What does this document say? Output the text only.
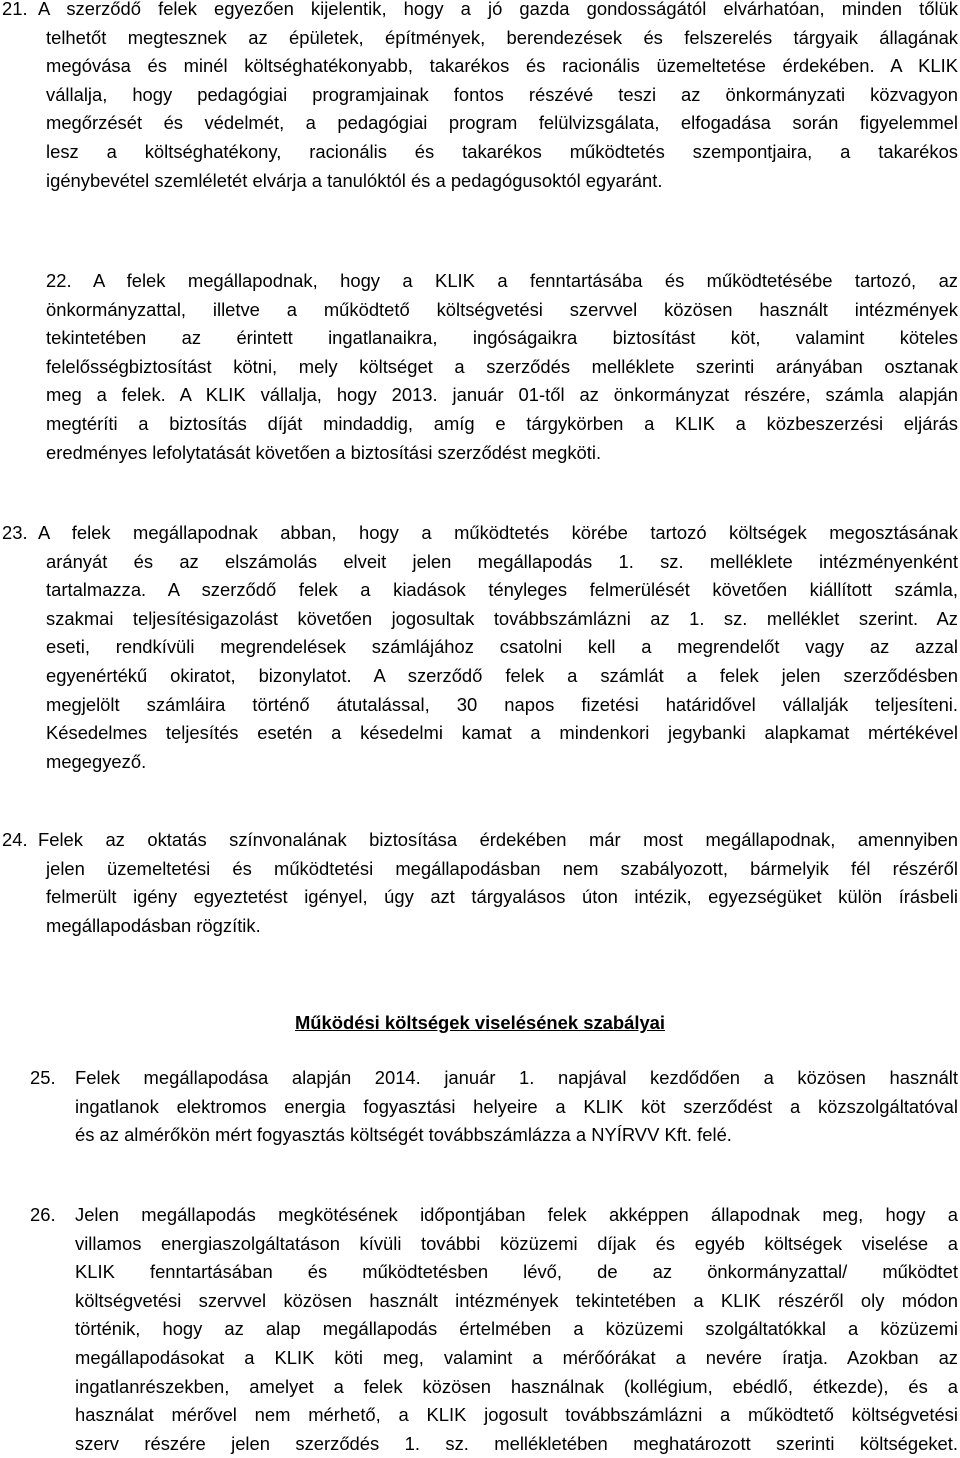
21. A szerződő felek egyezően kijelentik, hogy a jó gazda gondosságától elvárhatóan, minden tőlük
telhetőt megtesznek az épületek, építmények, berendezések és felszerelés tárgyaik állagának
megóvása és minél költséghatékonyabb, takarékos és racionális üzemeltetése érdekében. A KLIK
vállalja, hogy pedagógiai programjainak fontos részévé teszi az önkormányzati közvagyon
megőrzését és védelmét, a pedagógiai program felülvizsgálata, elfogadása során figyelemmel
lesz a költséghatékony, racionális és takarékos működtetés szempontjaira, a takarékos
igénybevétel szemléletét elvárja a tanulóktól és a pedagógusoktól egyaránt.
22. A felek megállapodnak, hogy a KLIK a fenntartásába és működtetésébe tartozó, az
önkormányzattal, illetve a működtető költségvetési szervvel közösen használt intézmények
tekintetében az érintett ingatlanaikra, ingóságaikra biztosítást köt, valamint köteles
felelősségbiztosítást kötni, mely költséget a szerződés melléklete szerinti arányában osztanak
meg a felek. A KLIK vállalja, hogy 2013. január 01-től az önkormányzat részére, számla alapján
megtéríti a biztosítás díját mindaddig, amíg e tárgykörben a KLIK a közbeszerzési eljárás
eredményes lefolytatását követően a biztosítási szerződést megköti.
23. A felek megállapodnak abban, hogy a működtetés körébe tartozó költségek megosztásának
arányát és az elszámolás elveit jelen megállapodás 1. sz. melléklete intézményenként
tartalmazza. A szerződő felek a kiadások tényleges felmerülését követően kiállított számla,
szakmai teljesítésigazolást követően jogosultak továbbszámlázni az 1. sz. melléklet szerint. Az
eseti, rendkívüli megrendelések számlájához csatolni kell a megrendelőt vagy az azzal
egyenértékű okiratot, bizonylatot. A szerződő felek a számlát a felek jelen szerződésben
megjelölt számláira történő átutalással, 30 napos fizetési határidővel vállalják teljesíteni.
Késedelmes teljesítés esetén a késedelmi kamat a mindenkori jegybanki alapkamat mértékével
megegyező.
24. Felek az oktatás színvonalának biztosítása érdekében már most megállapodnak, amennyiben
jelen üzemeltetési és működtetési megállapodásban nem szabályozott, bármelyik fél részéről
felmerült igény egyeztetést igényel, úgy azt tárgyalásos úton intézik, egyezségüket külön írásbeli
megállapodásban rögzítik.
Működési költségek viselésének szabályai
25. Felek megállapodása alapján 2014. január 1. napjával kezdődően a közösen használt
ingatlanok elektromos energia fogyasztási helyeire a KLIK köt szerződést a közszolgáltatóval
és az almérőkön mért fogyasztás költségét továbbszámlázza a NYÍRVV Kft. felé.
26. Jelen megállapodás megkötésének időpontjában felek akképpen állapodnak meg, hogy a
villamos energiaszolgáltatáson kívüli további közüzemi díjak és egyéb költségek viselése a
KLIK fenntartásában és működtetésben lévő, de az önkormányzattal/ működtet
költségvetési szervvel közösen használt intézmények tekintetében a KLIK részéről oly módon
történik, hogy az alap megállapodás értelmében a közüzemi szolgáltatókkal a közüzemi
megállapodásokat a KLIK köti meg, valamint a mérőórákat a nevére íratja. Azokban az
ingatlanrészekben, amelyet a felek közösen használnak (kollégium, ebédlő, étkezde), és a
használat mérővel nem mérhető, a KLIK jogosult továbbszámlázni a működtető költségvetési
szerv részére jelen szerződés 1. sz. mellékletében meghatározott szerinti költségeket.
